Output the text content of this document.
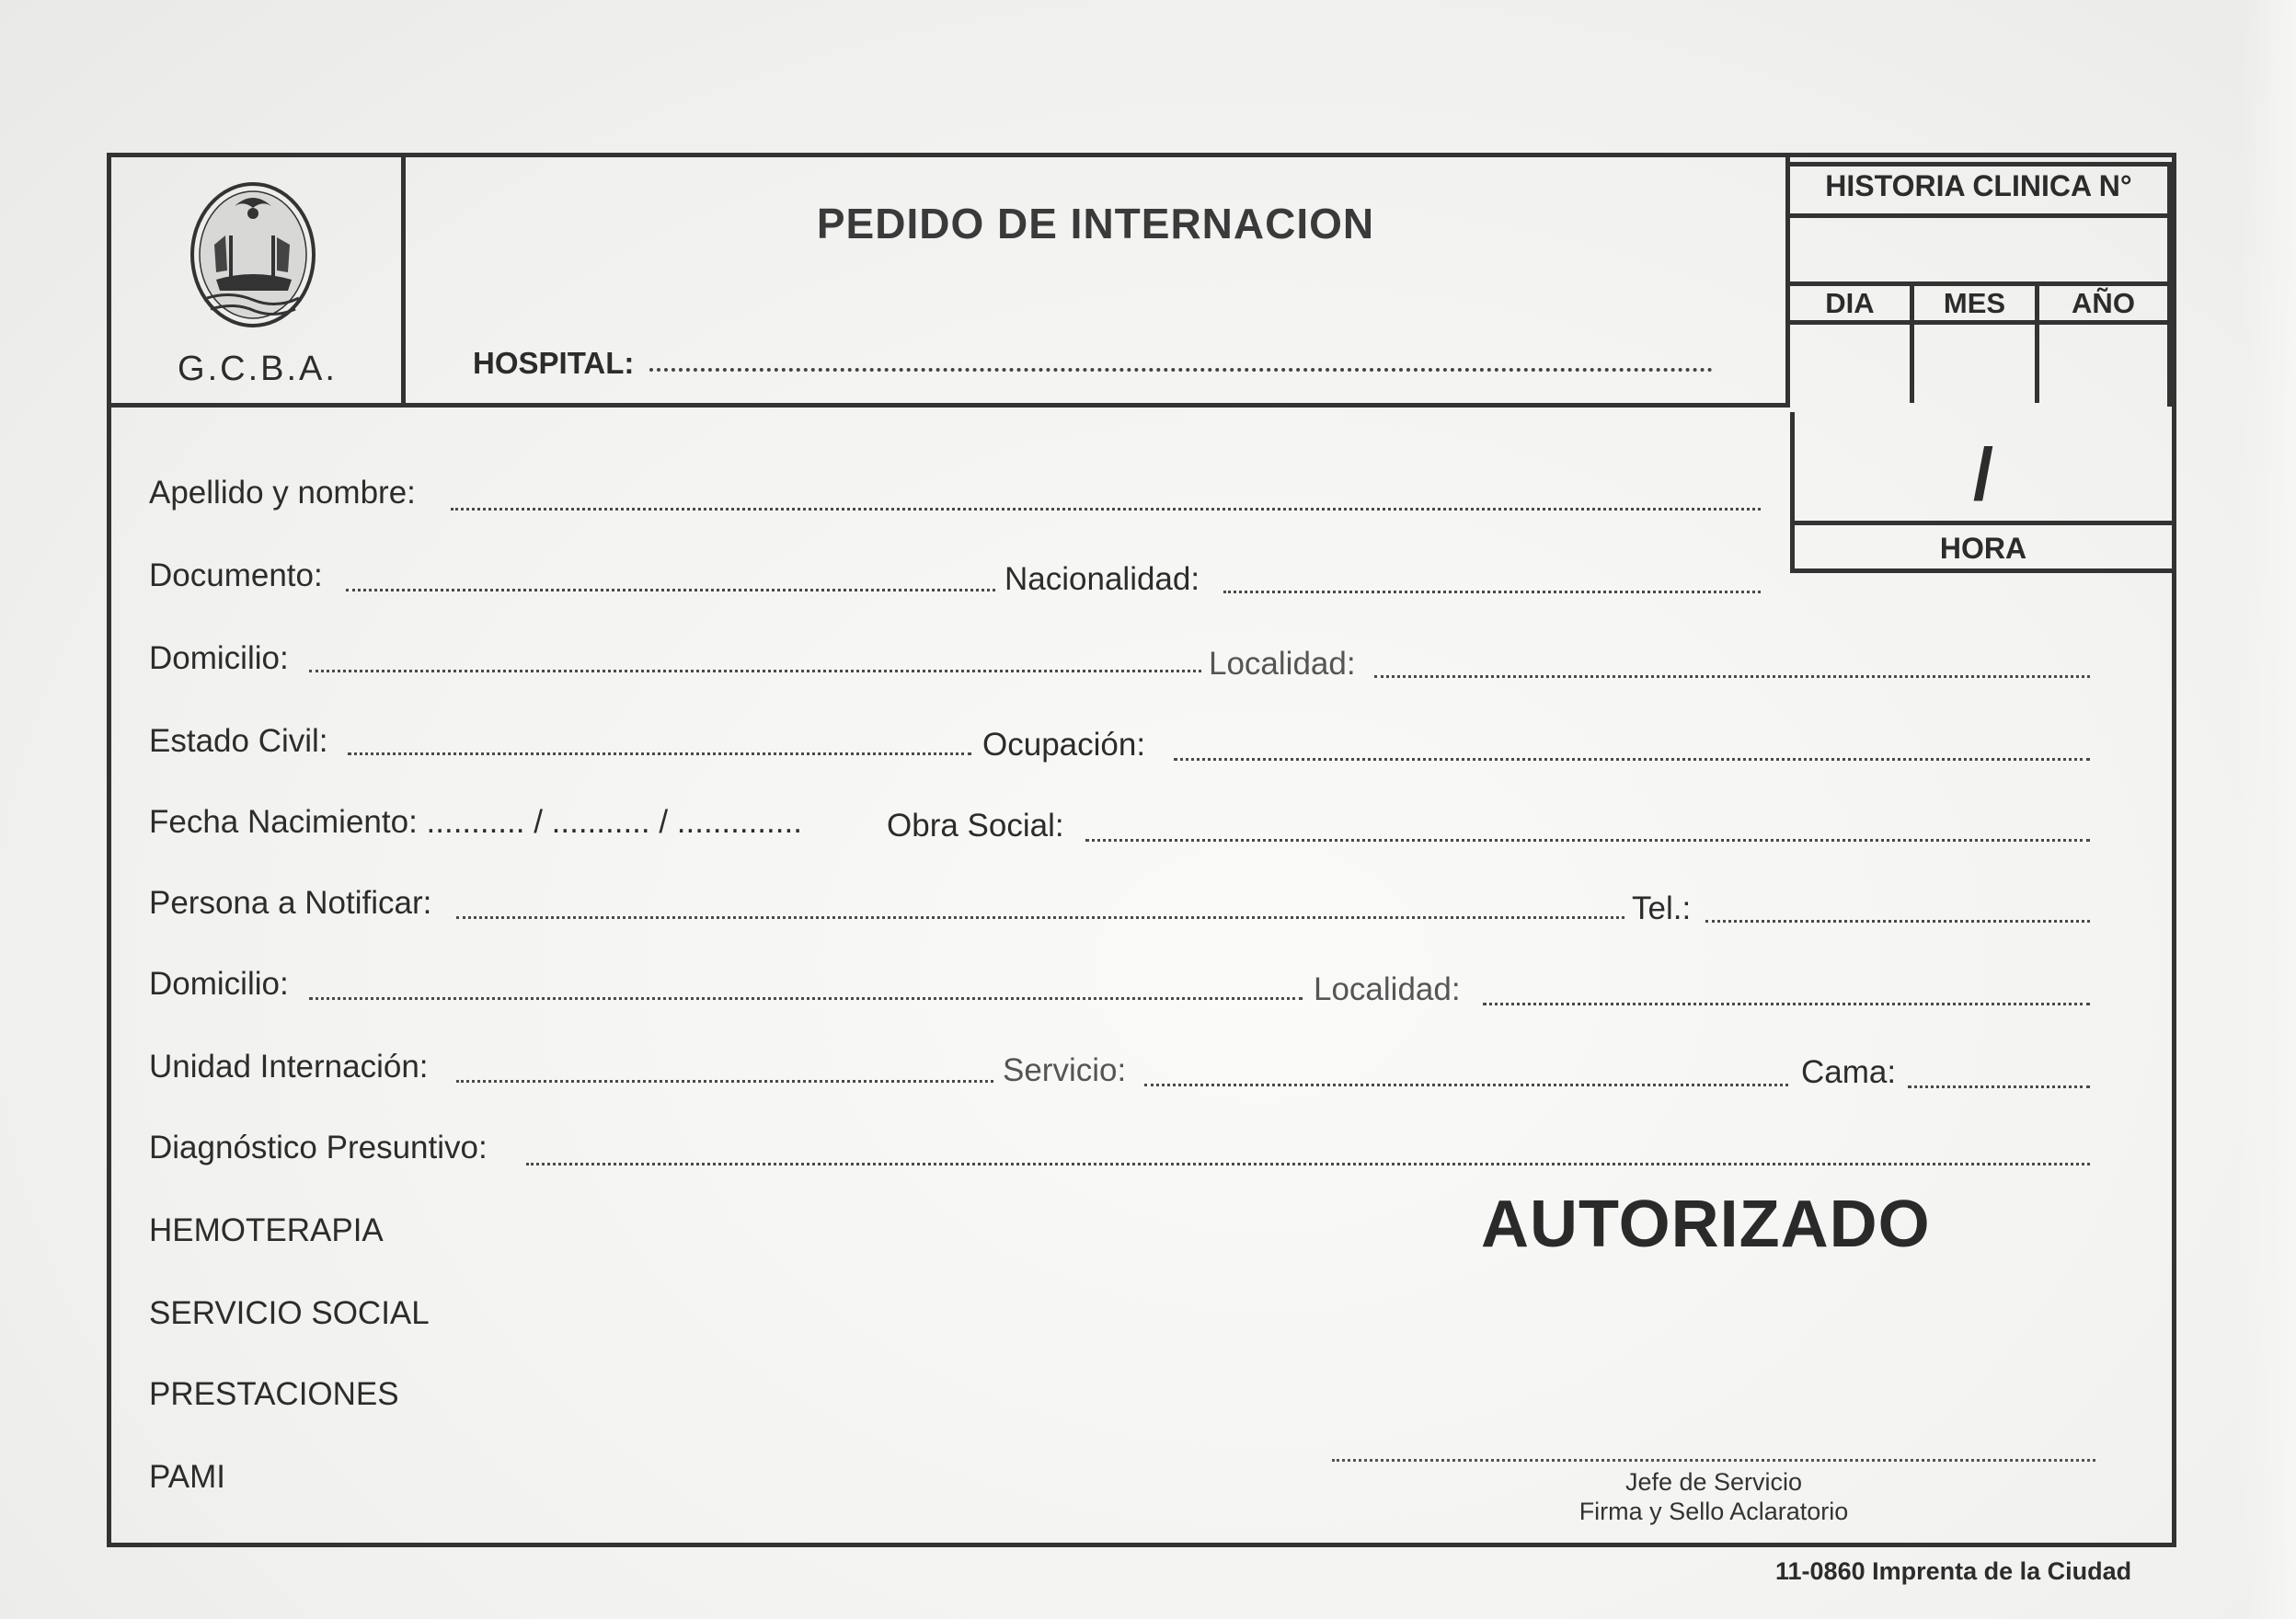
G.C.B.A.
PEDIDO DE INTERNACION
HOSPITAL:
HISTORIA CLINICA N°
DIA	MES	AÑO
/
HORA
Apellido y nombre:
Documento:	Nacionalidad:
Domicilio:	Localidad:
Estado Civil:	Ocupación:
Fecha Nacimiento: ........... / ........... / ..............	Obra Social:
Persona a Notificar:	Tel.:
Domicilio:	Localidad:
Unidad Internación:	Servicio:	Cama:
Diagnóstico Presuntivo:
HEMOTERAPIA
SERVICIO SOCIAL
PRESTACIONES
PAMI
AUTORIZADO
Jefe de Servicio
Firma y Sello Aclaratorio
11-0860 Imprenta de la Ciudad
